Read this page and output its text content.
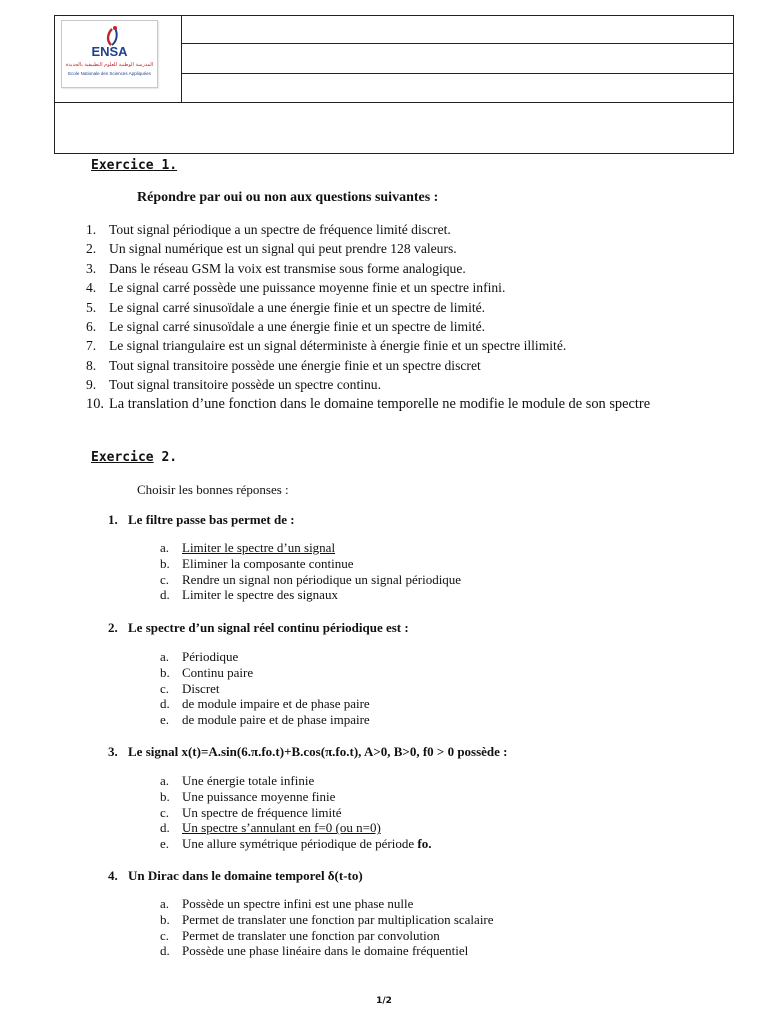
ENSA
المدرسة الوطنية للعلوم التطبيقية بالجديدة
Ecole Nationale des Sciences Appliquées

Exercice 1.
Répondre par oui ou non aux questions suivantes :
1. Tout signal périodique a un spectre de fréquence limité discret.
2. Un signal numérique est un signal qui peut prendre 128 valeurs.
3. Dans le réseau GSM la voix est transmise sous forme analogique.
4. Le signal carré possède une puissance moyenne finie et un spectre infini.
5. Le signal carré sinusoïdale a une énergie finie et un spectre de limité.
6. Le signal carré sinusoïdale a une énergie finie et un spectre de limité.
7. Le signal triangulaire est un signal déterministe à énergie finie et un spectre illimité.
8. Tout signal transitoire possède une énergie finie et un spectre discret
9. Tout signal transitoire possède un spectre continu.
10. La translation d’une fonction dans le domaine temporelle ne modifie le module de son spectre
Exercice 2.
Choisir les bonnes réponses :
1. Le filtre passe bas permet de :
a. Limiter le spectre d’un signal
b. Eliminer la composante continue
c. Rendre un signal non périodique un signal périodique
d. Limiter le spectre des signaux
2. Le spectre d’un signal réel continu périodique est :
a. Périodique
b. Continu paire
c. Discret
d. de module impaire et de phase paire
e. de module paire et de phase impaire
3. Le signal x(t)=A.sin(6.π.fo.t)+B.cos(π.fo.t), A>0, B>0, f0 > 0 possède :
a. Une énergie totale infinie
b. Une puissance moyenne finie
c. Un spectre de fréquence limité
d. Un spectre s’annulant en f=0 (ou n=0)
e. Une allure symétrique périodique de période fo.
4. Un Dirac dans le domaine temporel δ(t-to)
a. Possède un spectre infini est une phase nulle
b. Permet de translater une fonction par multiplication scalaire
c. Permet de translater une fonction par convolution
d. Possède une phase linéaire dans le domaine fréquentiel
1/2
